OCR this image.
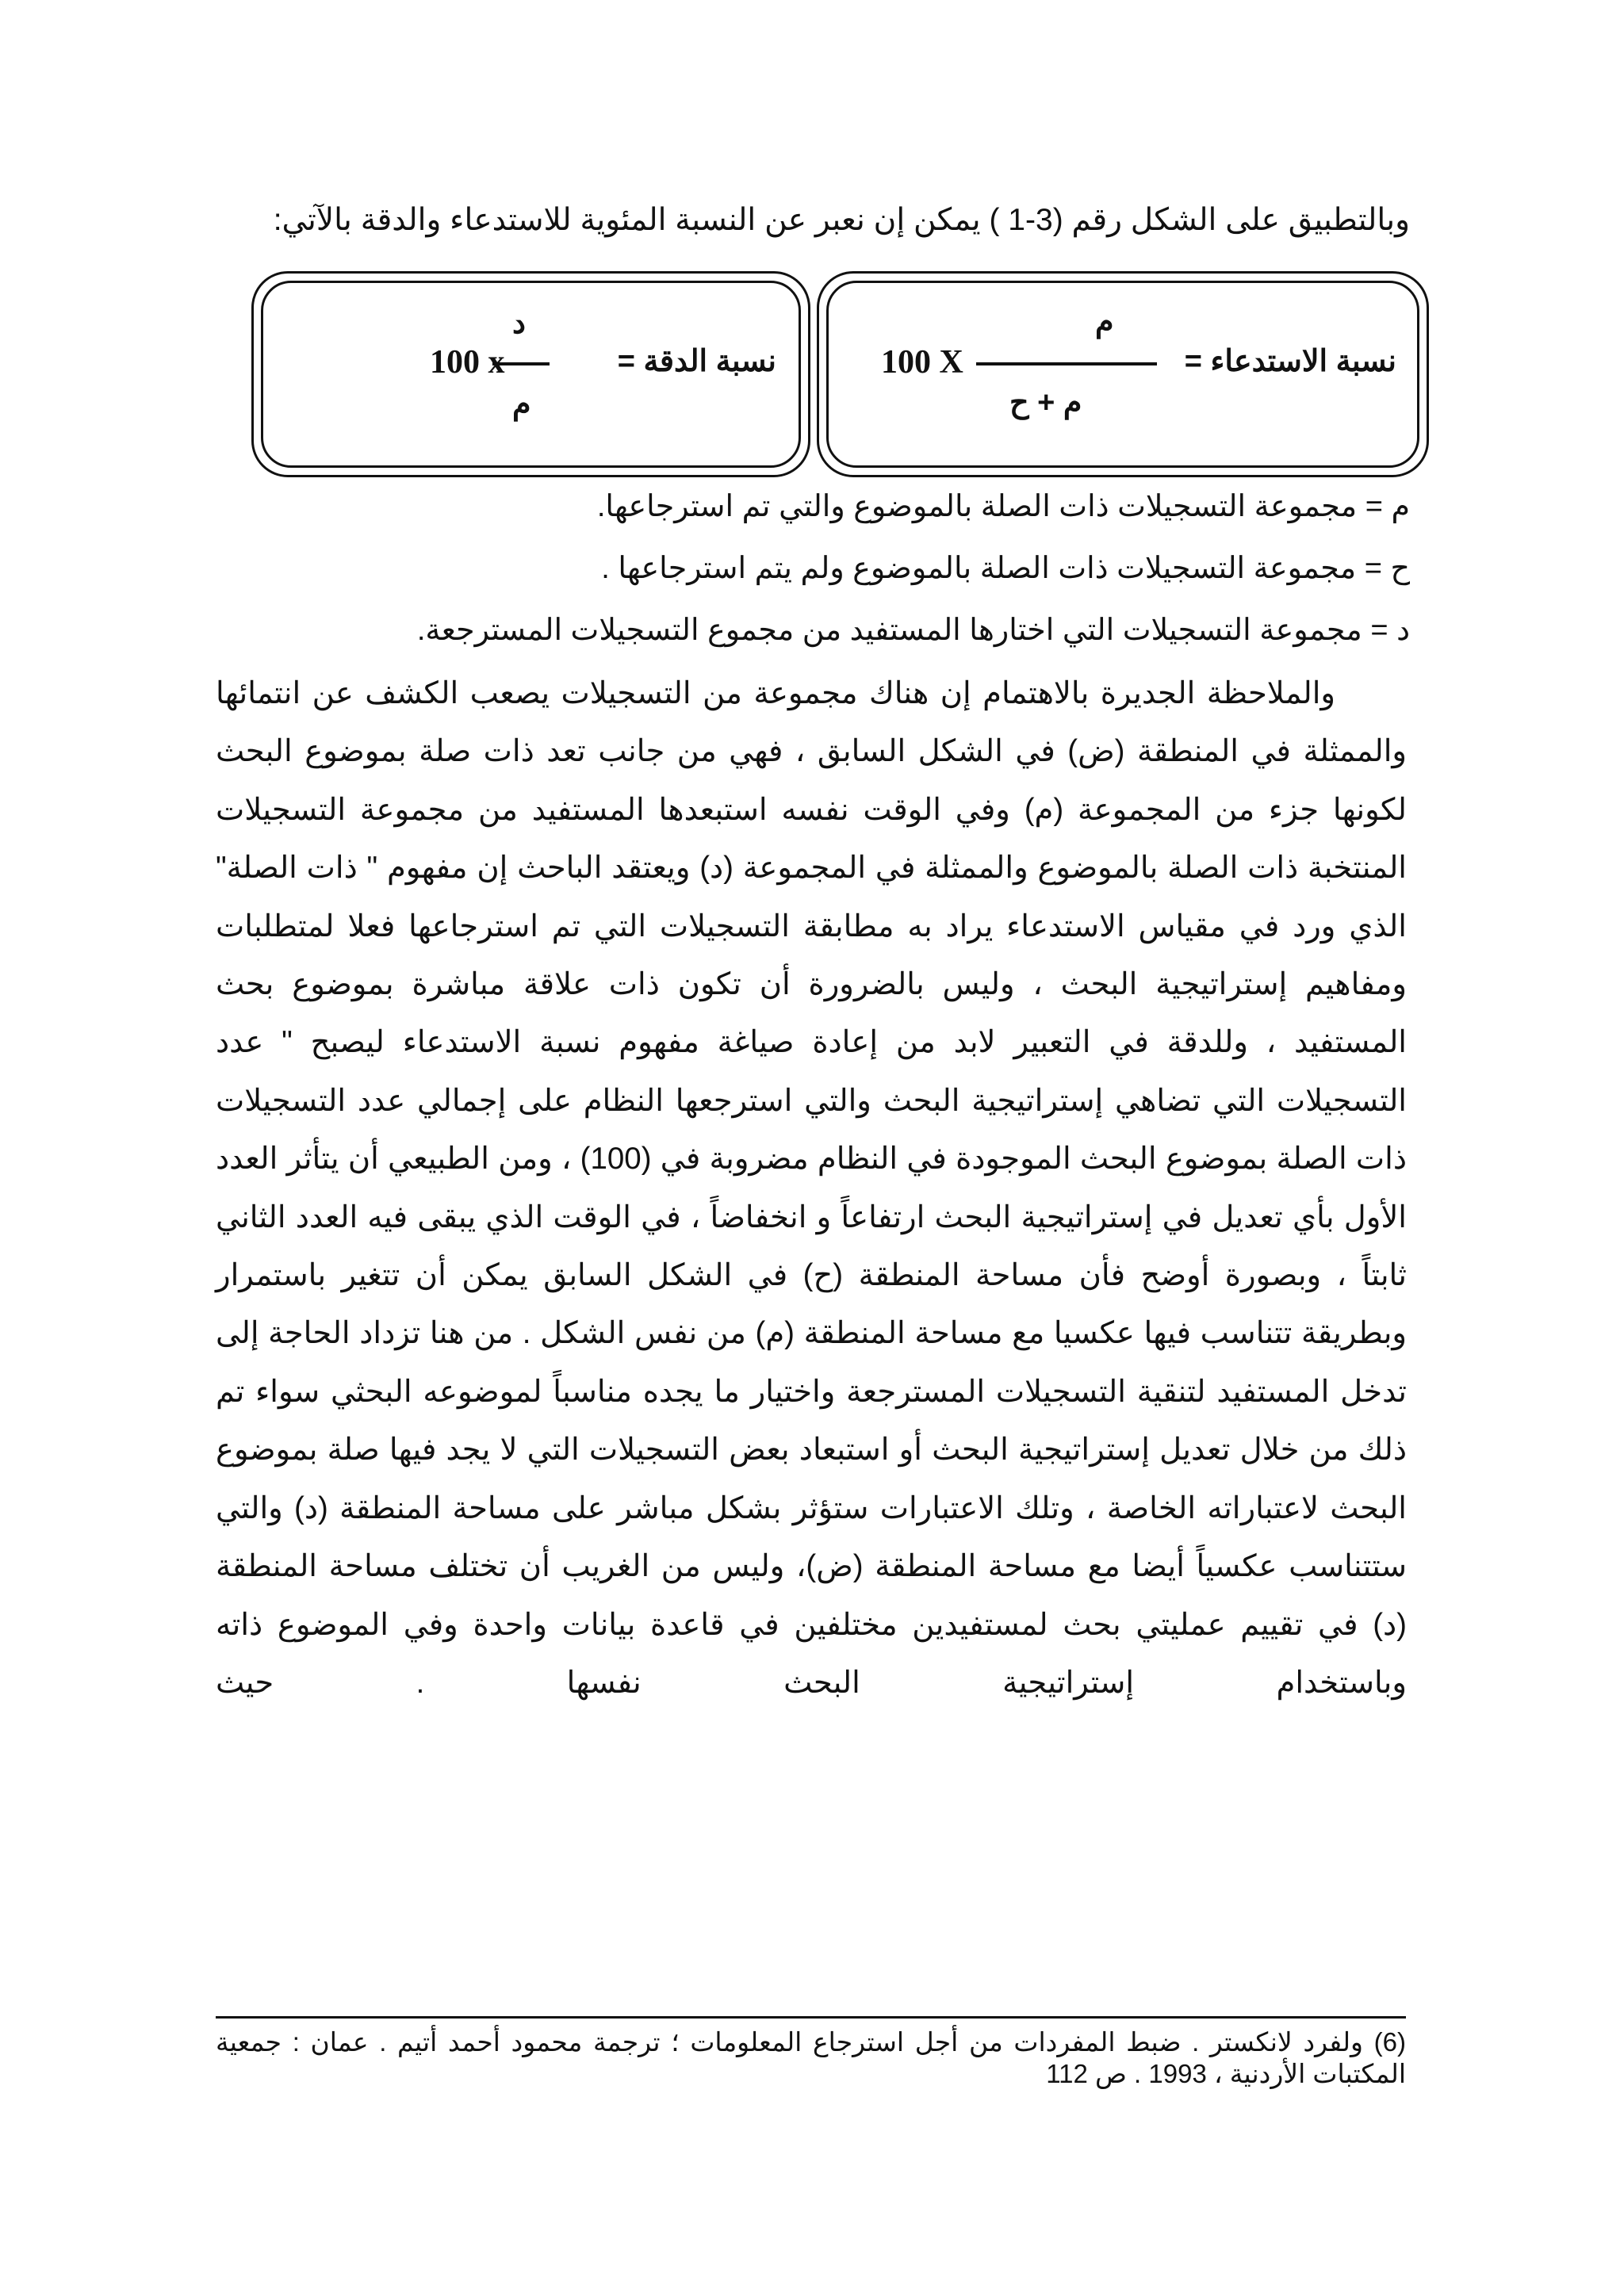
وبالتطبيق على الشكل رقم (3-1 ) يمكن إن نعبر عن النسبة المئوية للاستدعاء والدقة بالآتي:
نسبة الاستدعاء =
م
م + ح
100 X
نسبة الدقة =
د
م
100 x
م = مجموعة التسجيلات ذات الصلة بالموضوع والتي تم استرجاعها.
ح = مجموعة التسجيلات ذات الصلة بالموضوع ولم يتم استرجاعها .
د = مجموعة التسجيلات التي اختارها المستفيد من مجموع التسجيلات المسترجعة.

والملاحظة الجديرة بالاهتمام إن هناك مجموعة من التسجيلات يصعب الكشف عن انتمائها والممثلة في المنطقة (ض) في الشكل السابق ، فهي من جانب تعد ذات صلة بموضوع البحث لكونها جزء من المجموعة (م) وفي الوقت نفسه استبعدها المستفيد من مجموعة التسجيلات المنتخبة ذات الصلة بالموضوع والممثلة في المجموعة (د) ويعتقد الباحث إن مفهوم " ذات الصلة" الذي ورد في مقياس الاستدعاء يراد به مطابقة التسجيلات التي تم استرجاعها فعلا لمتطلبات ومفاهيم إستراتيجية البحث ، وليس بالضرورة أن تكون ذات علاقة مباشرة بموضوع بحث المستفيد ، وللدقة في التعبير لابد من إعادة صياغة مفهوم نسبة الاستدعاء ليصبح " عدد التسجيلات التي تضاهي إستراتيجية البحث والتي استرجعها النظام على إجمالي عدد التسجيلات ذات الصلة بموضوع البحث الموجودة في النظام مضروبة في (100) ، ومن الطبيعي أن يتأثر العدد الأول بأي تعديل في إستراتيجية البحث ارتفاعاً و انخفاضاً ، في الوقت الذي يبقى فيه العدد الثاني ثابتاً ، وبصورة أوضح فأن مساحة المنطقة (ح) في الشكل السابق يمكن أن تتغير باستمرار وبطريقة تتناسب فيها عكسيا مع مساحة المنطقة (م) من نفس الشكل . من هنا تزداد الحاجة إلى تدخل المستفيد لتنقية التسجيلات المسترجعة واختيار ما يجده مناسباً لموضوعه البحثي سواء تم ذلك من خلال تعديل إستراتيجية البحث أو استبعاد بعض التسجيلات التي لا يجد فيها صلة بموضوع البحث لاعتباراته الخاصة ، وتلك الاعتبارات ستؤثر بشكل مباشر على مساحة المنطقة (د) والتي ستتناسب عكسياً أيضا مع مساحة المنطقة (ض)، وليس من الغريب أن تختلف مساحة المنطقة (د) في تقييم عمليتي بحث لمستفيدين مختلفين في قاعدة بيانات واحدة وفي الموضوع ذاته وباستخدام إستراتيجية البحث نفسها . حيث

(6) ولفرد لانكستر . ضبط المفردات من أجل استرجاع المعلومات ؛ ترجمة محمود أحمد أتيم . عمان : جمعية المكتبات الأردنية ، 1993 . ص 112
